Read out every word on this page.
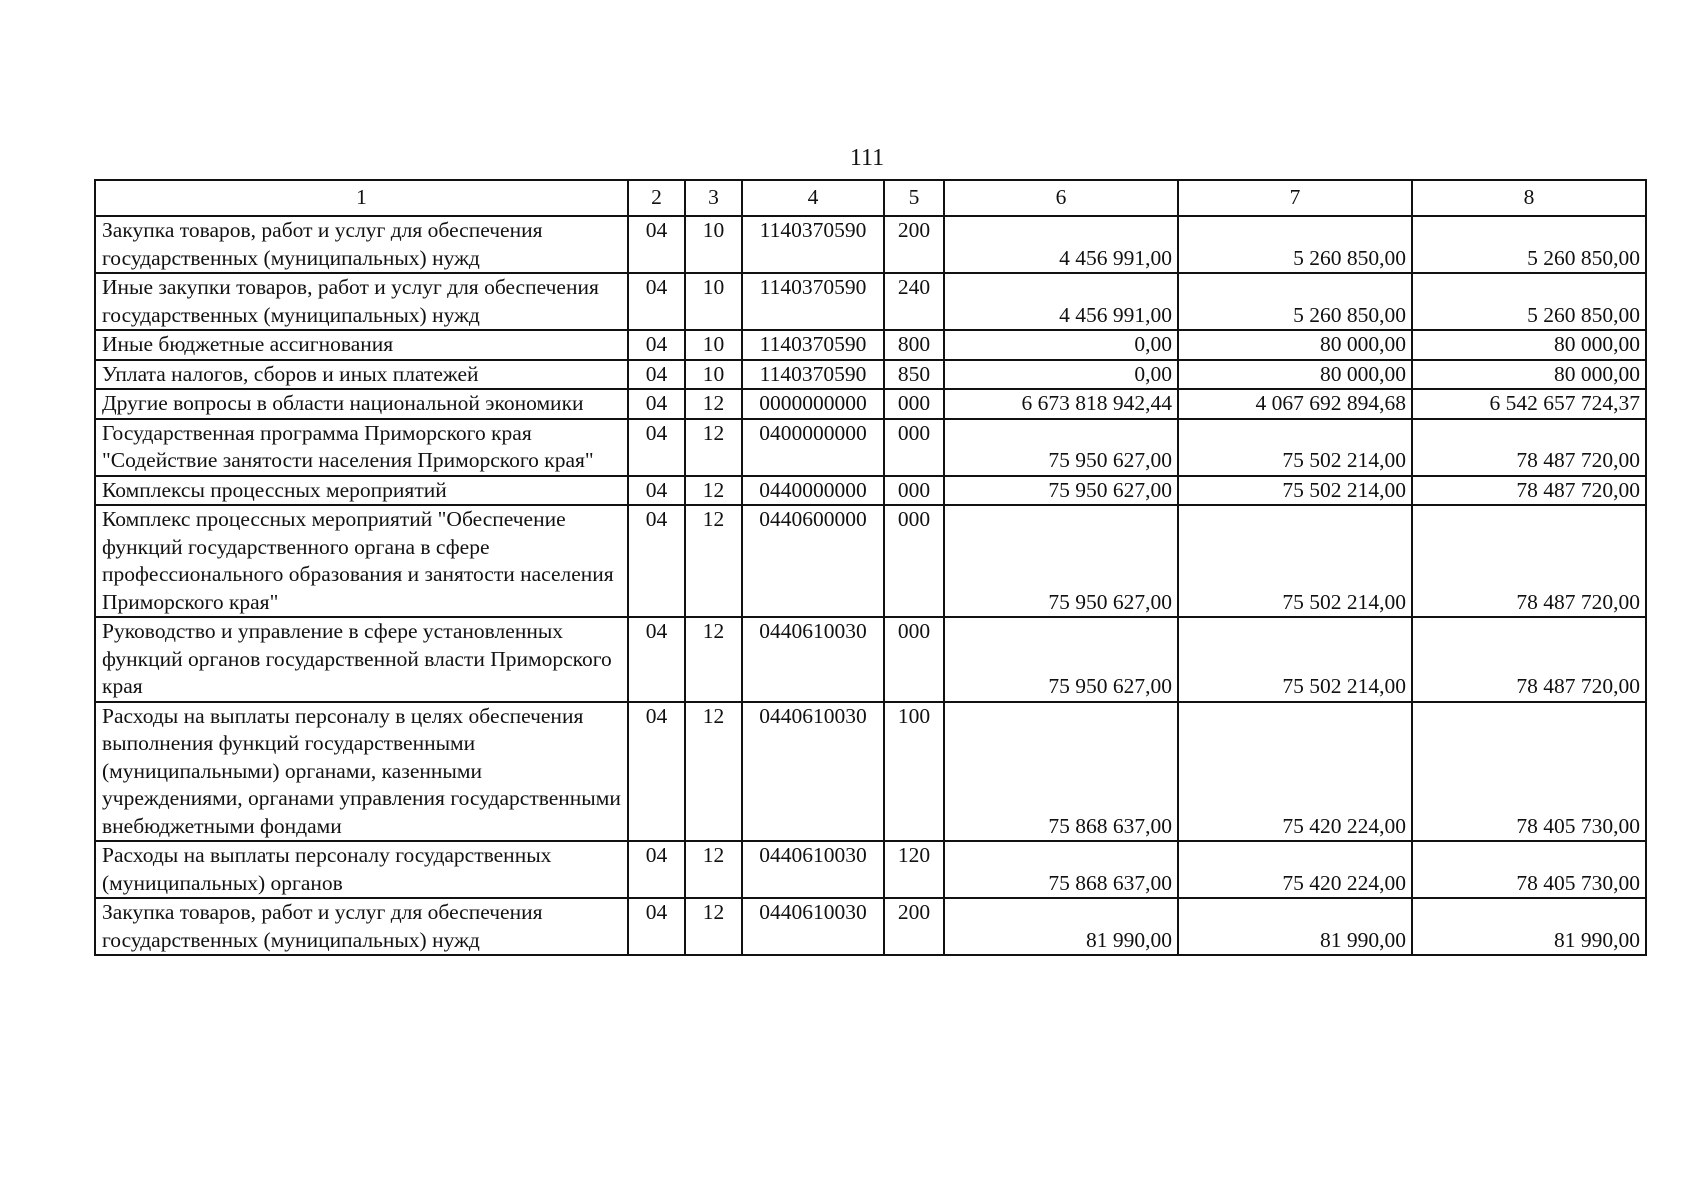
111
1	2	3	4	5	6	7	8
Закупка товаров, работ и услуг для обеспечения государственных (муниципальных) нужд	04	10	1140370590	200	4 456 991,00	5 260 850,00	5 260 850,00
Иные закупки товаров, работ и услуг для обеспечения государственных (муниципальных) нужд	04	10	1140370590	240	4 456 991,00	5 260 850,00	5 260 850,00
Иные бюджетные ассигнования	04	10	1140370590	800	0,00	80 000,00	80 000,00
Уплата налогов, сборов и иных платежей	04	10	1140370590	850	0,00	80 000,00	80 000,00
Другие вопросы в области национальной экономики	04	12	0000000000	000	6 673 818 942,44	4 067 692 894,68	6 542 657 724,37
Государственная программа Приморского края "Содействие занятости населения Приморского края"	04	12	0400000000	000	75 950 627,00	75 502 214,00	78 487 720,00
Комплексы процессных мероприятий	04	12	0440000000	000	75 950 627,00	75 502 214,00	78 487 720,00
Комплекс процессных мероприятий "Обеспечение функций государственного органа в сфере профессионального образования и занятости населения Приморского края"	04	12	0440600000	000	75 950 627,00	75 502 214,00	78 487 720,00
Руководство и управление в сфере установленных функций органов государственной власти Приморского края	04	12	0440610030	000	75 950 627,00	75 502 214,00	78 487 720,00
Расходы на выплаты персоналу в целях обеспечения выполнения функций государственными (муниципальными) органами, казенными учреждениями, органами управления государственными внебюджетными фондами	04	12	0440610030	100	75 868 637,00	75 420 224,00	78 405 730,00
Расходы на выплаты персоналу государственных (муниципальных) органов	04	12	0440610030	120	75 868 637,00	75 420 224,00	78 405 730,00
Закупка товаров, работ и услуг для обеспечения государственных (муниципальных) нужд	04	12	0440610030	200	81 990,00	81 990,00	81 990,00
